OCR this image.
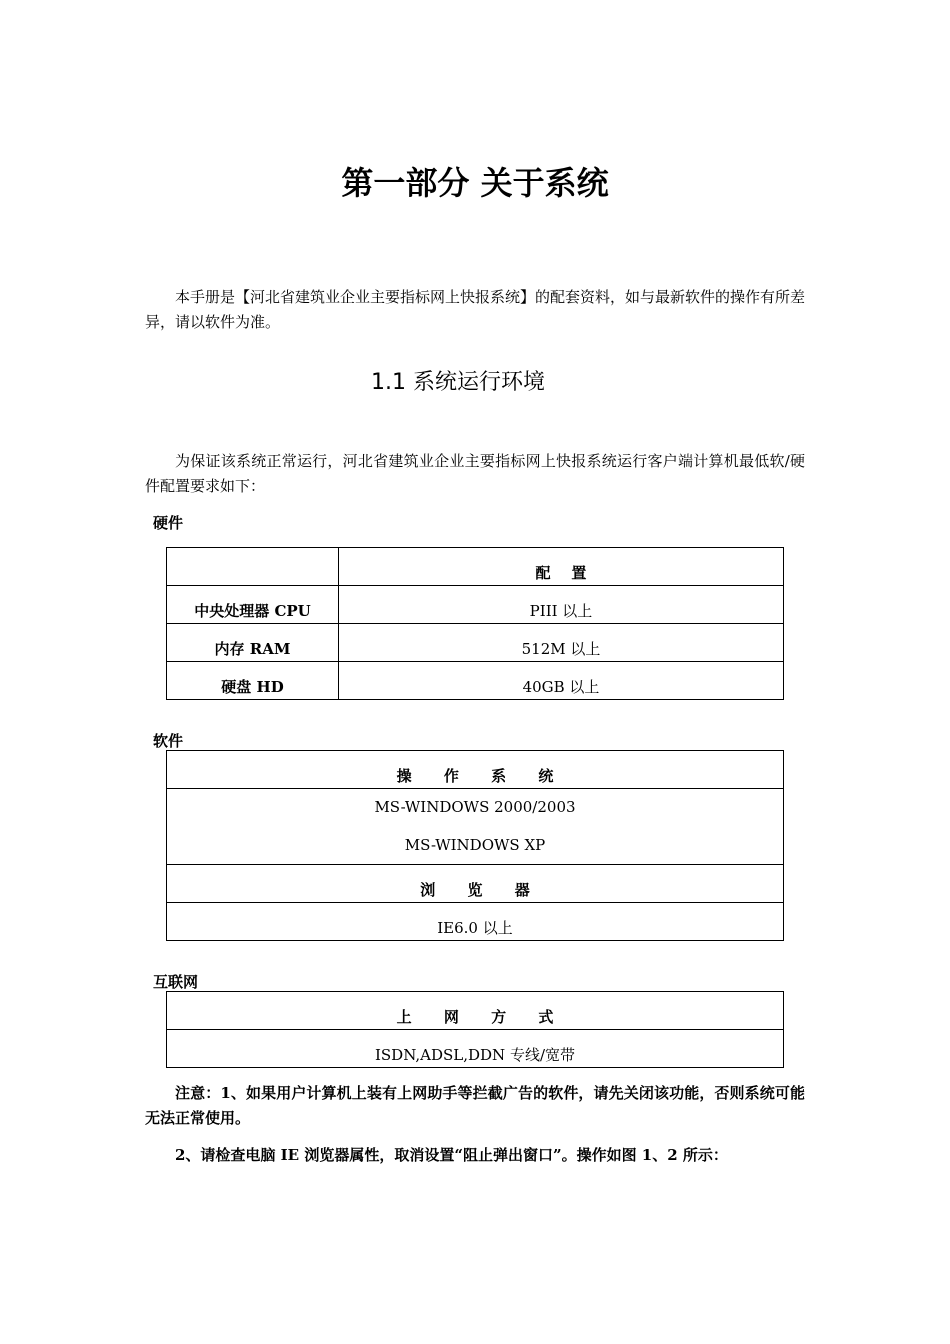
第一部分 关于系统

本手册是【河北省建筑业企业主要指标网上快报系统】的配套资料，如与最新软件的操作有所差异，请以软件为准。

1.1 系统运行环境

为保证该系统正常运行，河北省建筑业企业主要指标网上快报系统运行客户端计算机最低软/硬件配置要求如下：

硬件
	配    置
中央处理器 CPU	PIII 以上
内存 RAM	512M 以上
硬盘 HD	40GB 以上
软件
操 作 系 统

MS-WINDOWS 2000/2003
MS-WINDOWS XP

浏 览 器
IE6.0 以上
互联网
上 网 方 式
ISDN,ADSL,DDN 专线/宽带

注意：1、如果用户计算机上装有上网助手等拦截广告的软件，请先关闭该功能，否则系统可能无法正常使用。

2、请检查电脑 IE 浏览器属性，取消设置“阻止弹出窗口”。操作如图 1、2 所示：
